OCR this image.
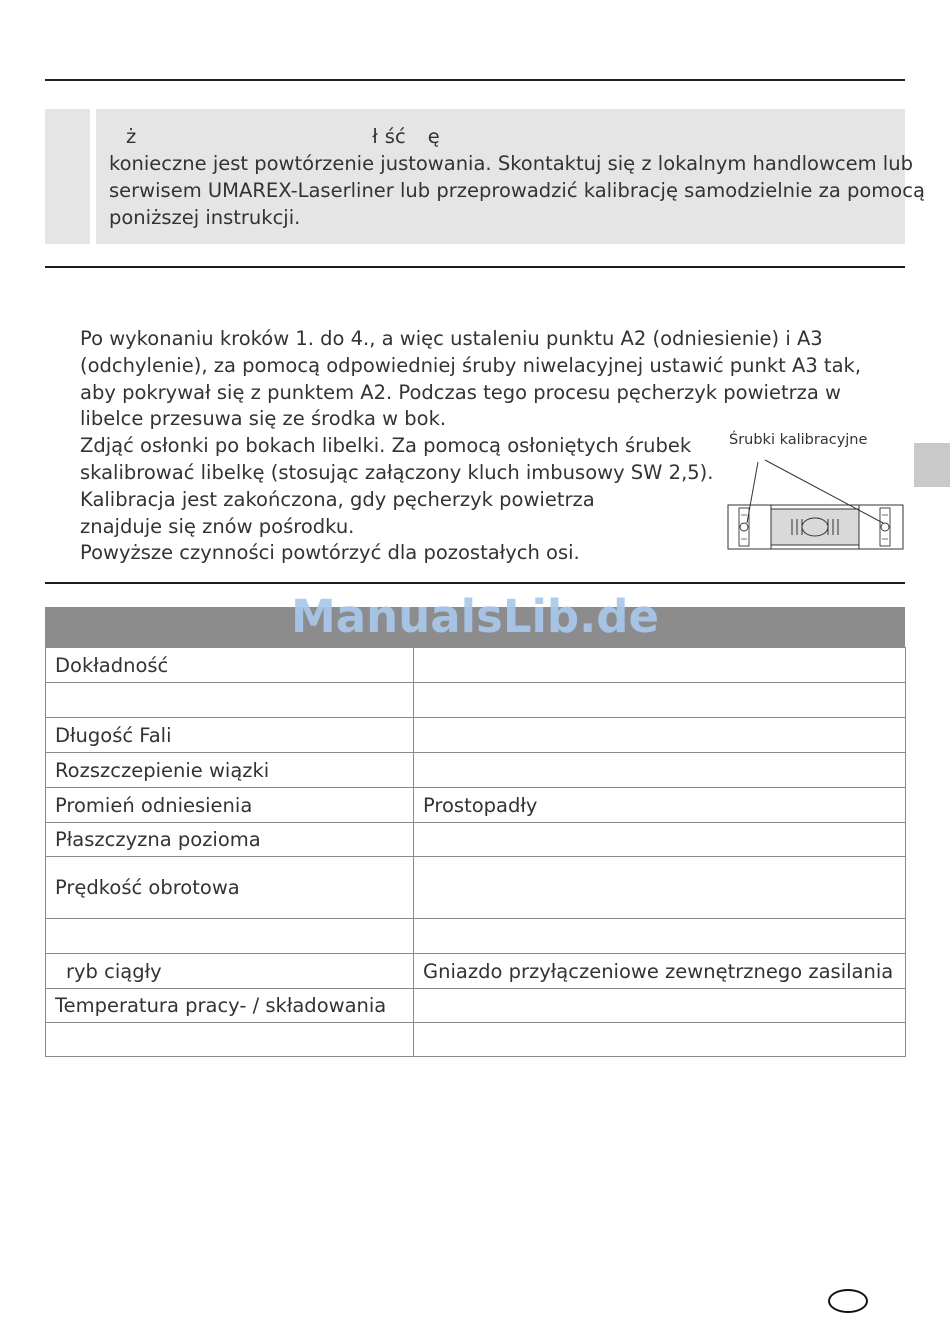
ż	ł ść ę
konieczne jest powtórzenie justowania. Skontaktuj się z lokalnym handlowcem lub
serwisem UMAREX-Laserliner lub przeprowadzić kalibrację samodzielnie za pomocą
poniższej instrukcji.

Po wykonaniu kroków 1. do 4., a więc ustaleniu punktu A2 (odniesienie) i A3

(odchylenie), za pomocą odpowiedniej śruby niwelacyjnej ustawić punkt A3 tak,

aby pokrywał się z punktem A2. Podczas tego procesu pęcherzyk powietrza w

libelce przesuwa się ze środka w bok.

Zdjąć osłonki po bokach libelki. Za pomocą osłoniętych śrubek

skalibrować libelkę (stosując załączony kluch imbusowy SW 2,5).

Kalibracja jest zakończona, gdy pęcherzyk powietrza

znajduje się znów pośrodku.

Powyższe czynności powtórzyć dla pozostałych osi.

Śrubki kalibracyjne
ManualsLib.de
Dokładność	

Długość Fali	
Rozszczepienie wiązki	
Promień odniesienia	Prostopadły
Płaszczyzna pozioma	
Prędkość obrotowa	

ryb ciągły	Gniazdo przyłączeniowe zewnętrznego zasilania
Temperatura pracy- / składowania	
